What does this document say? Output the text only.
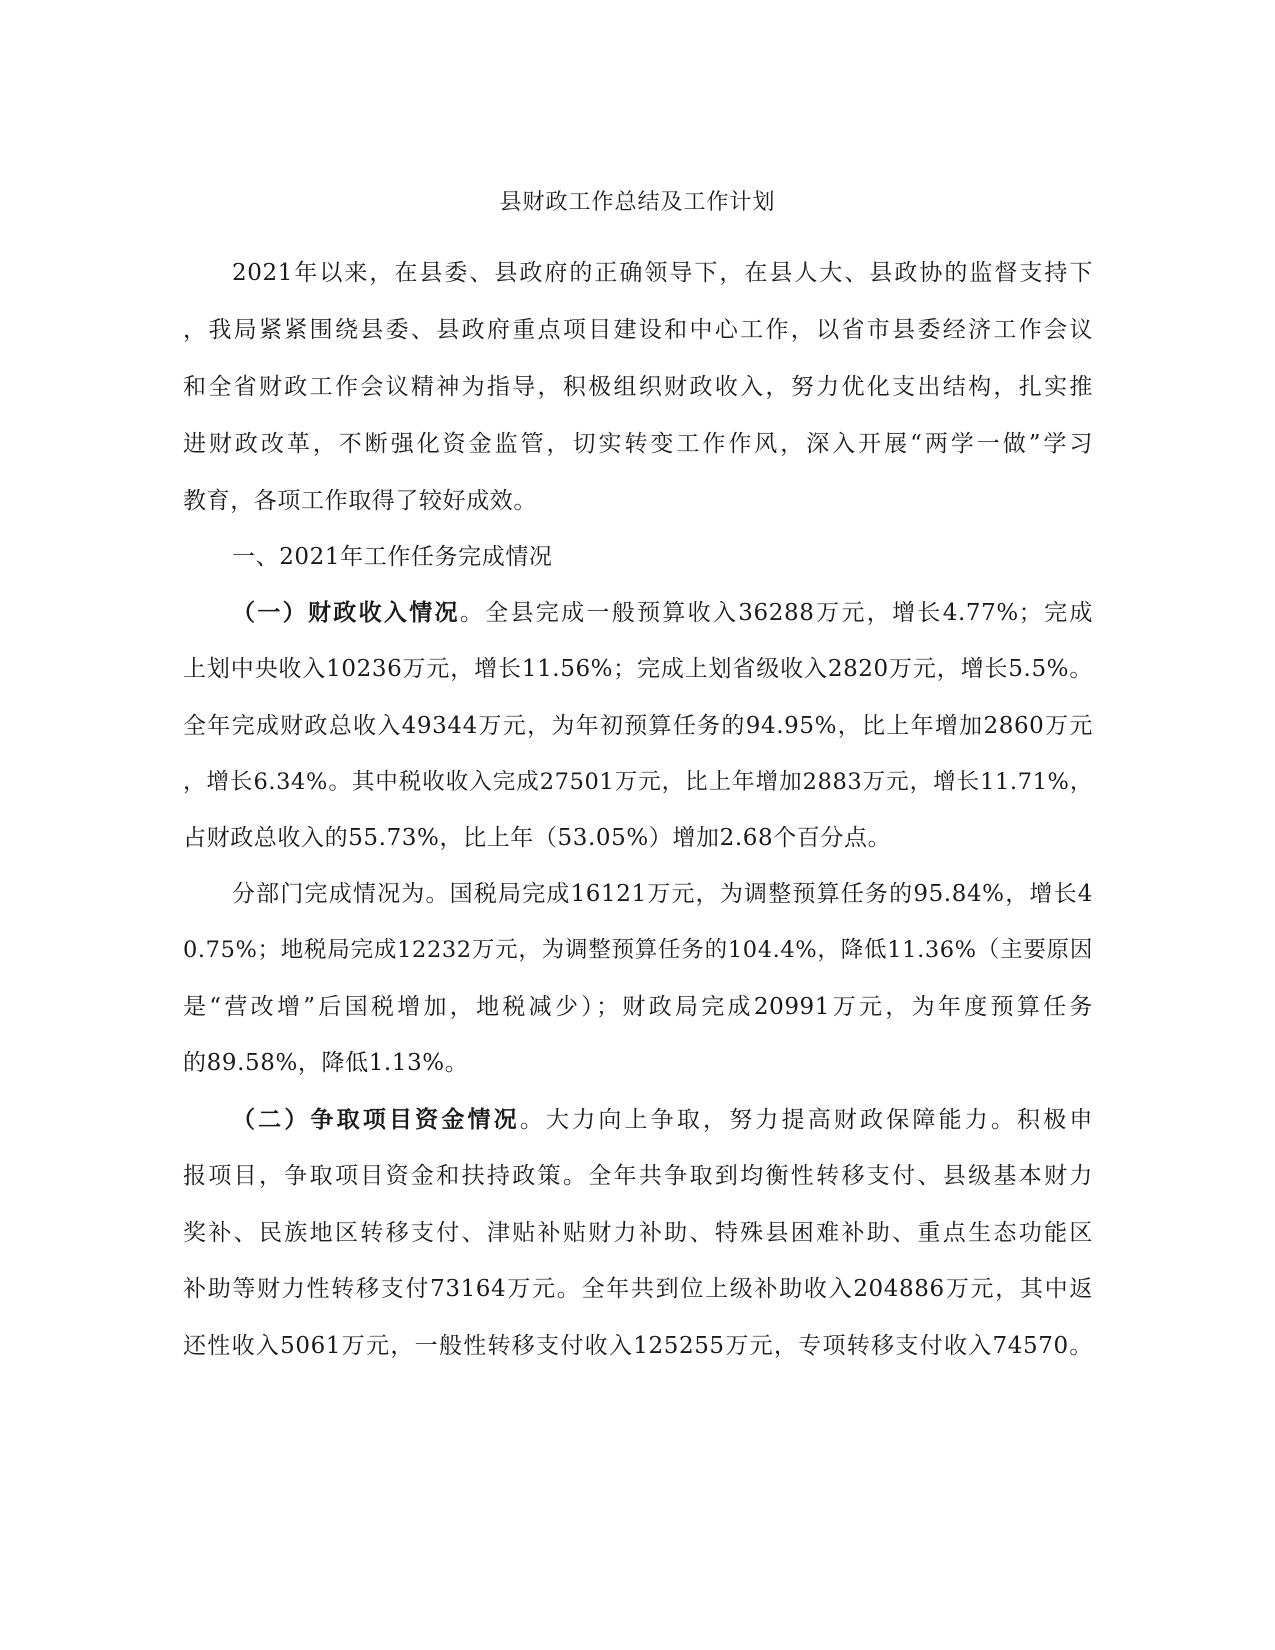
县财政工作总结及工作计划
2021年以来，在县委、县政府的正确领导下，在县人大、县政协的监督支持下
，我局紧紧围绕县委、县政府重点项目建设和中心工作，以省市县委经济工作会议
和全省财政工作会议精神为指导，积极组织财政收入，努力优化支出结构，扎实推
进财政改革，不断强化资金监管，切实转变工作作风，深入开展“两学一做”学习
教育，各项工作取得了较好成效。
一、2021年工作任务完成情况
（一）财政收入情况。全县完成一般预算收入36288万元，增长4.77%；完成
上划中央收入10236万元，增长11.56%；完成上划省级收入2820万元，增长5.5%。
全年完成财政总收入49344万元，为年初预算任务的94.95%，比上年增加2860万元
，增长6.34%。其中税收收入完成27501万元，比上年增加2883万元，增长11.71%，
占财政总收入的55.73%，比上年（53.05%）增加2.68个百分点。
分部门完成情况为。国税局完成16121万元，为调整预算任务的95.84%，增长4
0.75%；地税局完成12232万元，为调整预算任务的104.4%，降低11.36%（主要原因
是“营改增”后国税增加，地税减少）；财政局完成20991万元，为年度预算任务
的89.58%，降低1.13%。
（二）争取项目资金情况。大力向上争取，努力提高财政保障能力。积极申
报项目，争取项目资金和扶持政策。全年共争取到均衡性转移支付、县级基本财力
奖补、民族地区转移支付、津贴补贴财力补助、特殊县困难补助、重点生态功能区
补助等财力性转移支付73164万元。全年共到位上级补助收入204886万元，其中返
还性收入5061万元，一般性转移支付收入125255万元，专项转移支付收入74570。
